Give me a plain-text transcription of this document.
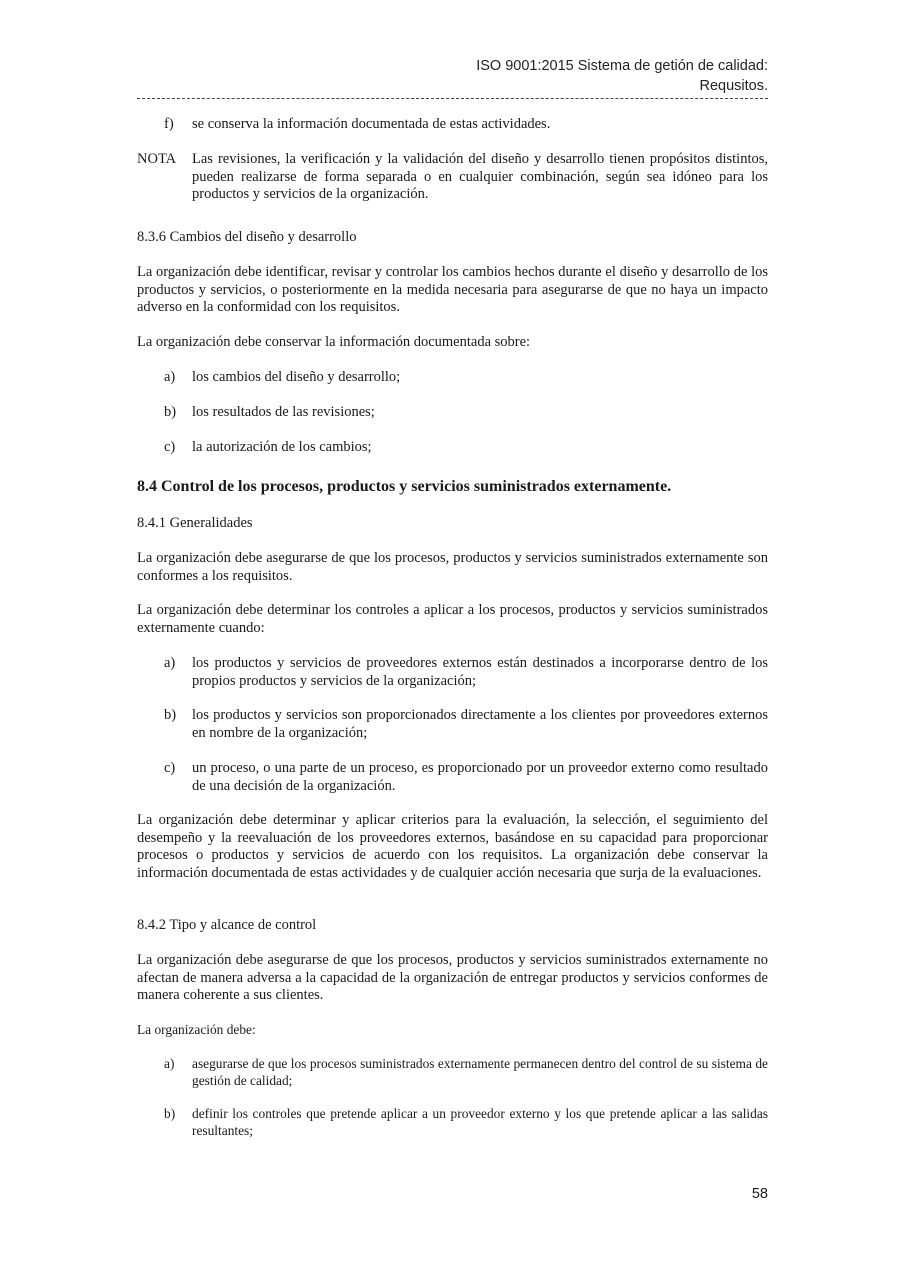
ISO 9001:2015 Sistema de getión de calidad:
Requsitos.
f) se conserva la información documentada de estas actividades.
NOTA Las revisiones, la verificación y la validación del diseño y desarrollo tienen propósitos distintos, pueden realizarse de forma separada o en cualquier combinación, según sea idóneo para los productos y servicios de la organización.
8.3.6 Cambios del diseño y desarrollo
La organización debe identificar, revisar y controlar los cambios hechos durante el diseño y desarrollo de los productos y servicios, o posteriormente en la medida necesaria para asegurarse de que no haya un impacto adverso en la conformidad con los requisitos.
La organización debe conservar la información documentada sobre:
a) los cambios del diseño y desarrollo;
b) los resultados de las revisiones;
c) la autorización de los cambios;
8.4 Control de los procesos, productos y servicios suministrados externamente.
8.4.1 Generalidades
La organización debe asegurarse de que los procesos, productos y servicios suministrados externamente son conformes a los requisitos.
La organización debe determinar los controles a aplicar a los procesos, productos y servicios suministrados externamente cuando:
a) los productos y servicios de proveedores externos están destinados a incorporarse dentro de los propios productos y servicios de la organización;
b) los productos y servicios son proporcionados directamente a los clientes por proveedores externos en nombre de la organización;
c) un proceso, o una parte de un proceso, es proporcionado por un proveedor externo como resultado de una decisión de la organización.
La organización debe determinar y aplicar criterios para la evaluación, la selección, el seguimiento del desempeño y la reevaluación de los proveedores externos, basándose en su capacidad para proporcionar procesos o productos y servicios de acuerdo con los requisitos. La organización debe conservar la información documentada de estas actividades y de cualquier acción necesaria que surja de la evaluaciones.
8.4.2 Tipo y alcance de control
La organización debe asegurarse de que los procesos, productos y servicios suministrados externamente no afectan de manera adversa a la capacidad de la organización de entregar productos y servicios conformes de manera coherente a sus clientes.
La organización debe:
a) asegurarse de que los procesos suministrados externamente permanecen dentro del control de su sistema de gestión de calidad;
b) definir los controles que pretende aplicar a un proveedor externo y los que pretende aplicar a las salidas resultantes;
58
